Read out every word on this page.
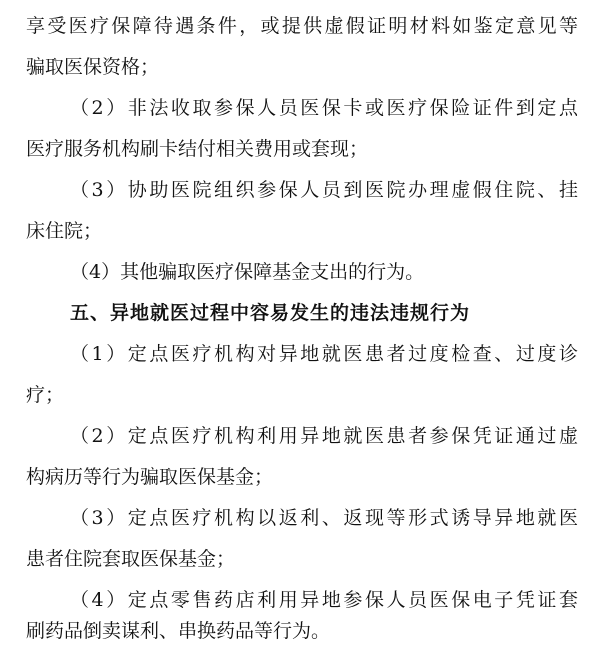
享受医疗保障待遇条件，或提供虚假证明材料如鉴定意见等
骗取医保资格；
（2）非法收取参保人员医保卡或医疗保险证件到定点
医疗服务机构刷卡结付相关费用或套现；
（3）协助医院组织参保人员到医院办理虚假住院、挂
床住院；
（4）其他骗取医疗保障基金支出的行为。
五、异地就医过程中容易发生的违法违规行为
（1）定点医疗机构对异地就医患者过度检查、过度诊
疗；
（2）定点医疗机构利用异地就医患者参保凭证通过虚
构病历等行为骗取医保基金；
（3）定点医疗机构以返利、返现等形式诱导异地就医
患者住院套取医保基金；
（4）定点零售药店利用异地参保人员医保电子凭证套
刷药品倒卖谋利、串换药品等行为。
